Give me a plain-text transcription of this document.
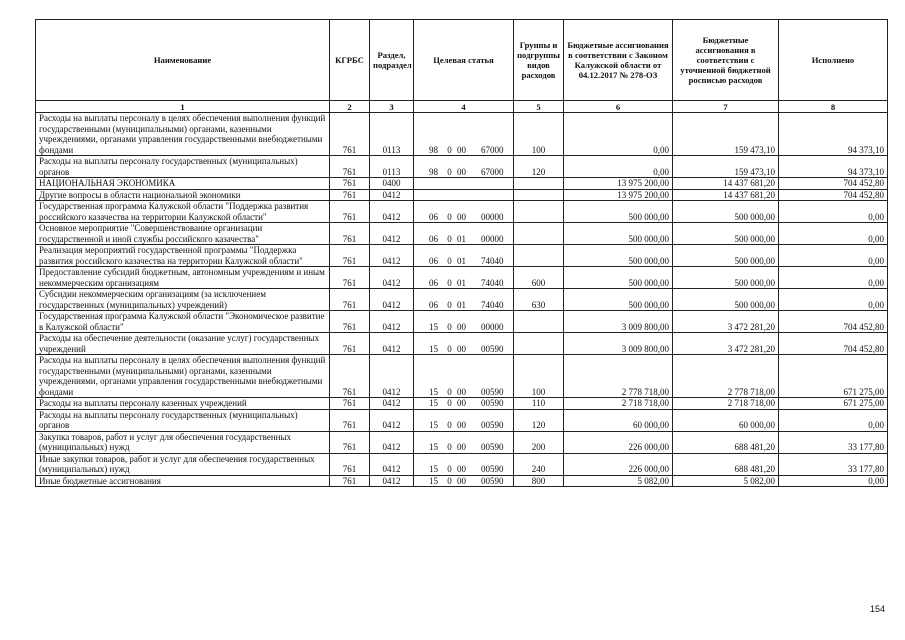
Наименование	КГРБС	Раздел, подраздел	Целевая статья	Группы и подгруппы видов расходов	Бюджетные ассигнования в соответствии с Законом Калужской области от 04.12.2017 № 278-ОЗ	Бюджетные ассигнования в соответствии с уточненной бюджетной росписью расходов	Исполнено
1	2	3	4	5	6	7	8
Расходы на выплаты персоналу в целях обеспечения выполнения функций государственными (муниципальными) органами, казенными учреждениями, органами управления государственными внебюджетными фондами	761	0113	98 0 00 67000	100	0,00	159 473,10	94 373,10
Расходы на выплаты персоналу государственных (муниципальных) органов	761	0113	98 0 00 67000	120	0,00	159 473,10	94 373,10
НАЦИОНАЛЬНАЯ ЭКОНОМИКА	761	0400			13 975 200,00	14 437 681,20	704 452,80
Другие вопросы в области национальной экономики	761	0412			13 975 200,00	14 437 681,20	704 452,80
Государственная программа Калужской области "Поддержка развития российского казачества на территории Калужской области"	761	0412	06 0 00 00000		500 000,00	500 000,00	0,00
Основное мероприятие "Совершенствование организации государственной и иной службы российского казачества"	761	0412	06 0 01 00000		500 000,00	500 000,00	0,00
Реализация мероприятий государственной программы "Поддержка развития российского казачества на территории Калужской области"	761	0412	06 0 01 74040		500 000,00	500 000,00	0,00
Предоставление субсидий бюджетным, автономным учреждениям и иным некоммерческим организациям	761	0412	06 0 01 74040	600	500 000,00	500 000,00	0,00
Субсидии некоммерческим организациям (за исключением государственных (муниципальных) учреждений)	761	0412	06 0 01 74040	630	500 000,00	500 000,00	0,00
Государственная программа Калужской области "Экономическое развитие в Калужской области"	761	0412	15 0 00 00000		3 009 800,00	3 472 281,20	704 452,80
Расходы на обеспечение деятельности (оказание услуг) государственных учреждений	761	0412	15 0 00 00590		3 009 800,00	3 472 281,20	704 452,80
Расходы на выплаты персоналу в целях обеспечения выполнения функций государственными (муниципальными) органами, казенными учреждениями, органами управления государственными внебюджетными фондами	761	0412	15 0 00 00590	100	2 778 718,00	2 778 718,00	671 275,00
Расходы на выплаты персоналу казенных учреждений	761	0412	15 0 00 00590	110	2 718 718,00	2 718 718,00	671 275,00
Расходы на выплаты персоналу государственных (муниципальных) органов	761	0412	15 0 00 00590	120	60 000,00	60 000,00	0,00
Закупка товаров, работ и услуг для обеспечения государственных (муниципальных) нужд	761	0412	15 0 00 00590	200	226 000,00	688 481,20	33 177,80
Иные закупки товаров, работ и услуг для обеспечения государственных (муниципальных) нужд	761	0412	15 0 00 00590	240	226 000,00	688 481,20	33 177,80
Иные бюджетные ассигнования	761	0412	15 0 00 00590	800	5 082,00	5 082,00	0,00
154
